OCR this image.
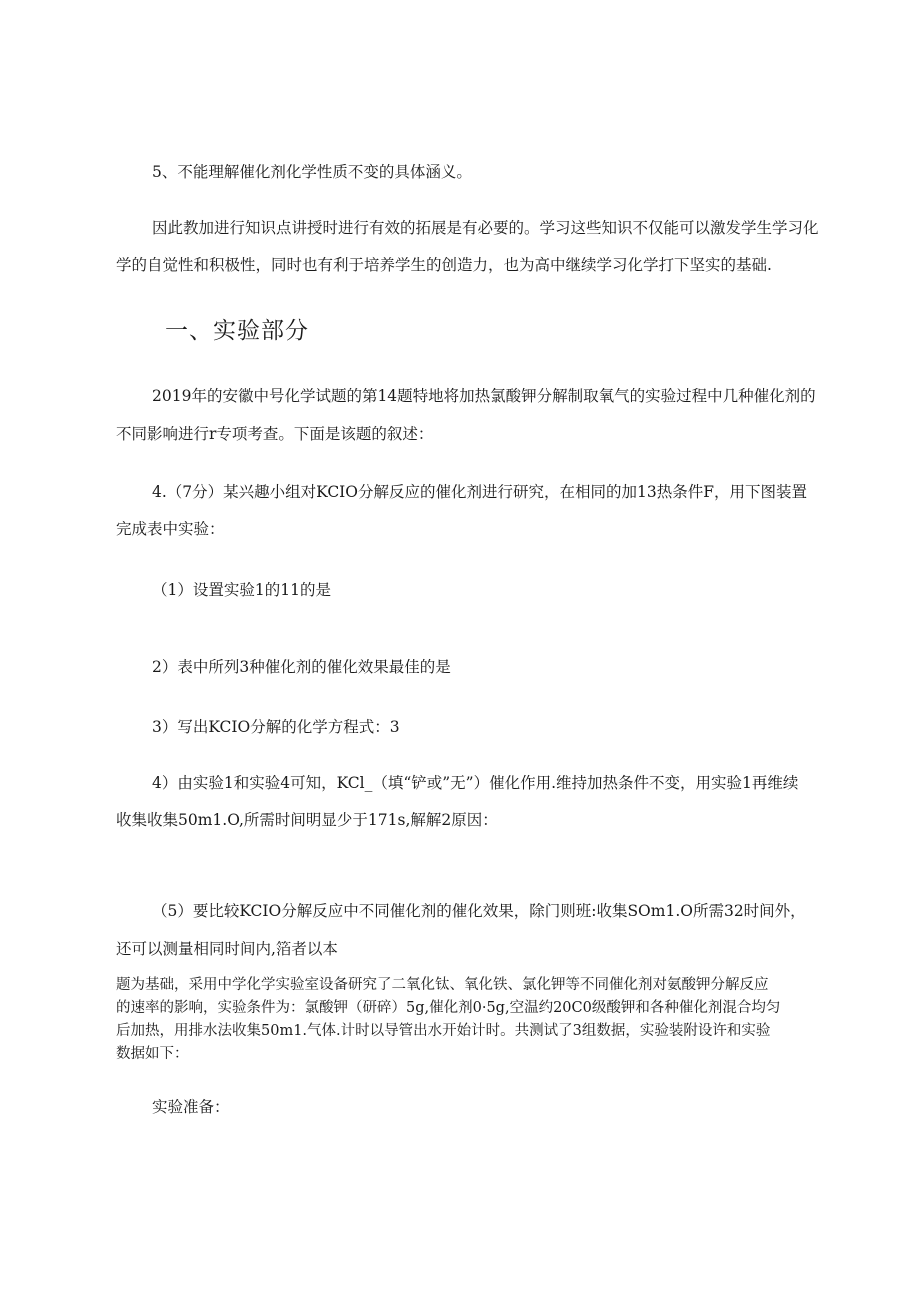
5、不能理解催化剂化学性质不变的具体涵义。

因此教加进行知识点讲授时进行有效的拓展是有必要的。学习这些知识不仅能可以激发学生学习化

学的自觉性和积极性，同时也有利于培养学生的创造力，也为高中继续学习化学打下坚实的基础.

一、实验部分

2019年的安徽中号化学试题的第14题特地将加热氯酸钾分解制取氧气的实验过程中几种催化剂的

不同影响进行r专项考查。下面是该题的叙述：

4.（7分）某兴趣小组对KCIO分解反应的催化剂进行研究，在相同的加13热条件F，用下图装置

完成表中实验：

（1）设置实验1的11的是

2）表中所列3种催化剂的催化效果最佳的是

3）写出KCIO分解的化学方程式：3

4）由实验1和实验4可知，KCl_（填“铲或”无”）催化作用.维持加热条件不变，用实验1再维续

收集收集50m1.O,所需时间明显少于171s,解解2原因：

（5）要比较KCIO分解反应中不同催化剂的催化效果，除门则班:收集SOm1.O所需32时间外，

还可以测量相同时间内,箔者以本

题为基础，采用中学化学实验室设备研究了二氧化钛、氧化铁、氯化钾等不同催化剂对氨酸钾分解反应

的速率的影响，实验条件为：氯酸钾（研碎）5g,催化剂0·5g,空温约20C0级酸钾和各种催化剂混合均匀

后加热，用排水法收集50m1.气体.计时以导管出水开始计时。共测试了3组数据，实验装附设许和实验

数据如下：

实验准备：
